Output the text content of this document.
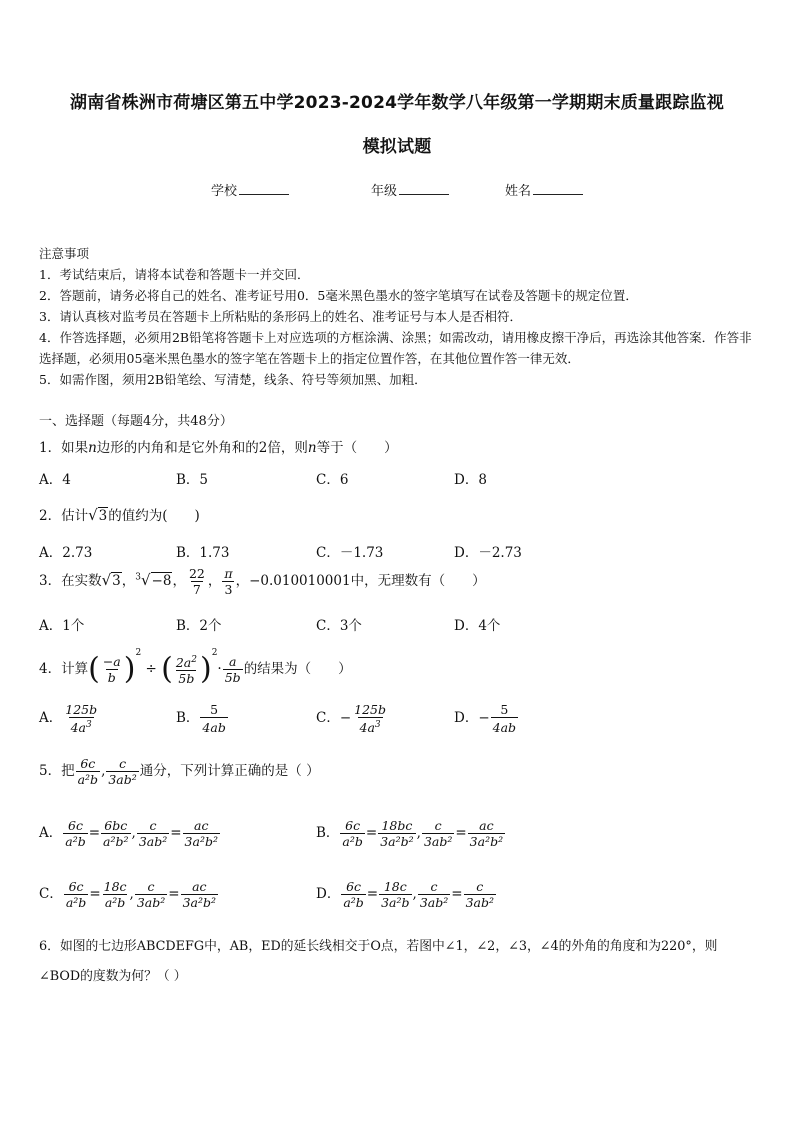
湖南省株洲市荷塘区第五中学2023-2024学年数学八年级第一学期期末质量跟踪监视
模拟试题
学校	年级	姓名
注意事项
1．考试结束后，请将本试卷和答题卡一并交回．
2．答题前，请务必将自己的姓名、准考证号用0．5毫米黑色墨水的签字笔填写在试卷及答题卡的规定位置．
3．请认真核对监考员在答题卡上所粘贴的条形码上的姓名、准考证号与本人是否相符．
4．作答选择题，必须用2B铅笔将答题卡上对应选项的方框涂满、涂黑；如需改动，请用橡皮擦干净后，再选涂其他答案．作答非选择题，必须用05毫米黑色墨水的签字笔在答题卡上的指定位置作答，在其他位置作答一律无效．
5．如需作图，须用2B铅笔绘、写清楚，线条、符号等须加黑、加粗．
一、选择题（每题4分，共48分）
1．如果n边形的内角和是它外角和的2倍，则n等于（　　）
A．4	B．5	C．6	D．8
2．估计√3的值约为(　　)
A．2.73	B．1.73	C．－1.73	D．－2.73
3．在实数√3，$^3$√−8， $\frac{22}{7}$ ， $\frac{\pi}{3}$ ，−0.010010001中，无理数有（　　）
A．1个	B．2个	C．3个	D．4个
4．计算( $\frac{-a}{b} )^2$ ÷ ( $\frac{2a^2}{5b} )^2\cdot \frac{a}{5b}$ 的结果为（　　）
A． $\frac{125b}{4a^3}$	B． $\frac{5}{4ab}$	C．− $\frac{125b}{4a^3}$	D．− $\frac{5}{4ab}$
5．把 $\frac{6c}{\text{a²b}}$ , $\frac{c}{\text{3ab²}}$ 通分，下列计算正确的是（ ）
A． $\frac{6c}{\text{a²b}} = \frac{6bc}{\text{a²b²}}$ , $\frac{c}{\text{3ab²}} = \frac{ac}{\text{3a²b²}}$	B． $\frac{6c}{\text{a²b}} = \frac{18bc}{\text{3a²b²}}$ , $\frac{c}{\text{3ab²}} = \frac{ac}{\text{3a²b²}}$
C． $\frac{6c}{\text{a²b}} = \frac{18c}{\text{a²b}}$ , $\frac{c}{\text{3ab²}} = \frac{ac}{\text{3a²b²}}$	D． $\frac{6c}{\text{a²b}} = \frac{18c}{\text{3a²b}}$ , $\frac{c}{\text{3ab²}} = \frac{c}{\text{3ab²}}$
6．如图的七边形ABCDEFG中，AB，ED的延长线相交于O点，若图中∠1，∠2，∠3，∠4的外角的角度和为220°，则
∠BOD的度数为何？（ ）
